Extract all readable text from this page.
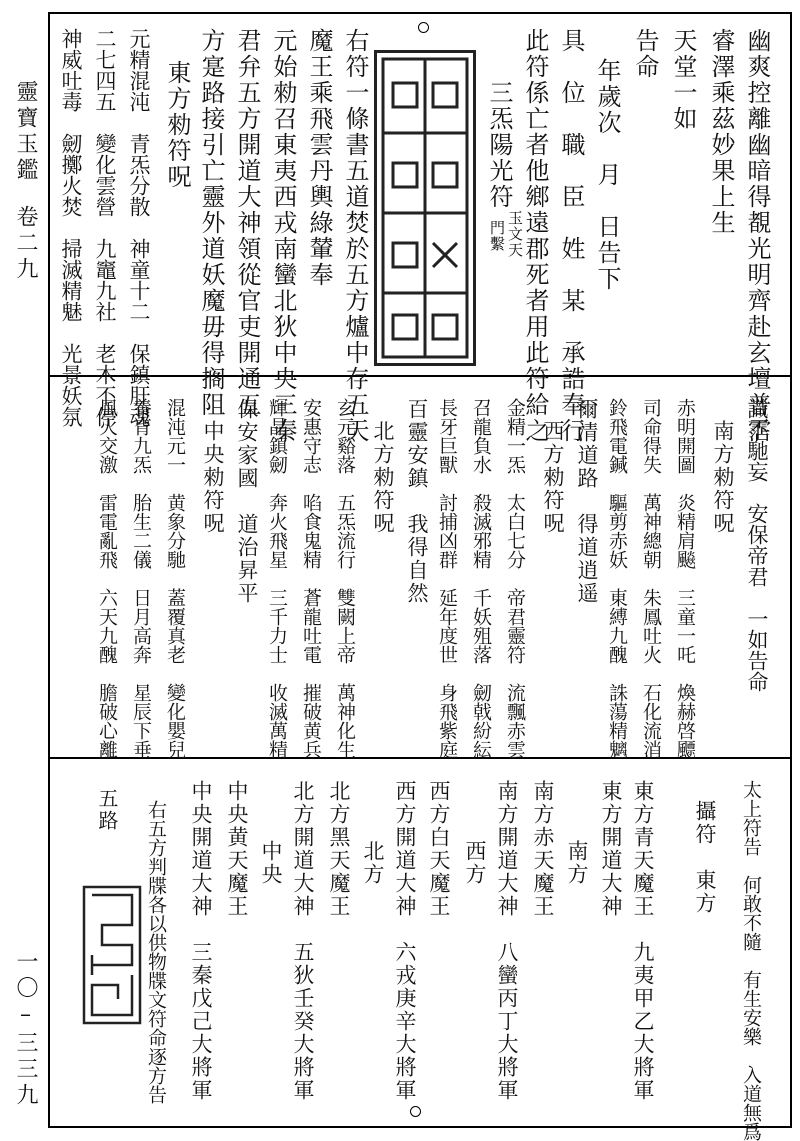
靈寶玉鑑
卷二九
一〇–三三九
幽爽控離幽暗得覩光明齊赴玄壇普霑
睿澤乘茲妙果上生
天堂一如
告命
年歲次　月　日告下
具　位　職　臣　姓　某　承誥奉行
此符係亡者他鄉遠郡死者用此符給之
三炁陽光符
玉文天
門繫
右符一條書五道焚於五方爐中存五天
魔王乘飛雲丹輿綠輦奉
元始勑召東夷西戎南蠻北狄中央三秦
君弁五方開道大神領從官吏開通五
方寔路接引亡靈外道妖魔毋得搁阻
東方勑符呪
元精混沌　青炁分散　神童十二　保鎮肝魂
二七四五　變化雲營　九竈九社　老木不停
神威吐毒　劒擲火焚　掃滅精魅　光景妖氛
識不馳妄　安保帝君　一如告命
南方勑符呪
赤明開圖　炎精肩飈　三童一吒　煥赫啓飃
司命得失　萬神總朝　朱鳳吐火　石化流消
鈴飛電鍼　驅剪赤妖　東縛九醜　誅蕩精魑
爾清道路　得道逍遥
西方勑符呪
金精一炁　太白七分　帝君靈符　流飄赤雲
召龍負水　殺滅邪精　千妖殂落　劒戟紛紜
長牙巨獸　討捕凶群　延年度世　身飛紫庭
百靈安鎮　我得自然
北方勑符呪
玄元谿落　五炁流行　雙闕上帝　萬神化生
安惠守志　啗食鬼精　蒼龍吐電　摧破黄兵
輝晶鎮劒　奔火飛星　三千力士　收滅萬精
保安家國　道治昇平
中央勑符呪
混沌元一　黄象分馳　蓋覆真老　變化嬰兒
養育九炁　胎生二儀　日月高奔　星辰下垂
風火交激　雷電亂飛　六天九醜　膽破心離
太上符告　何敢不隨　有生安樂　入道無爲
攝符　東方
東方開道大神 東方青天魔王　九夷甲乙大將軍
南方
南方赤天魔王
南方開道大神　八蠻丙丁大將軍
西方
西方白天魔王
西方開道大神　六戎庚辛大將軍
北方
北方黑天魔王
北方開道大神　五狄壬癸大將軍
中央
中央黄天魔王
中央開道大神　三秦戊己大將軍
右五方判牒各以供物牒文符命逐方告
五路
